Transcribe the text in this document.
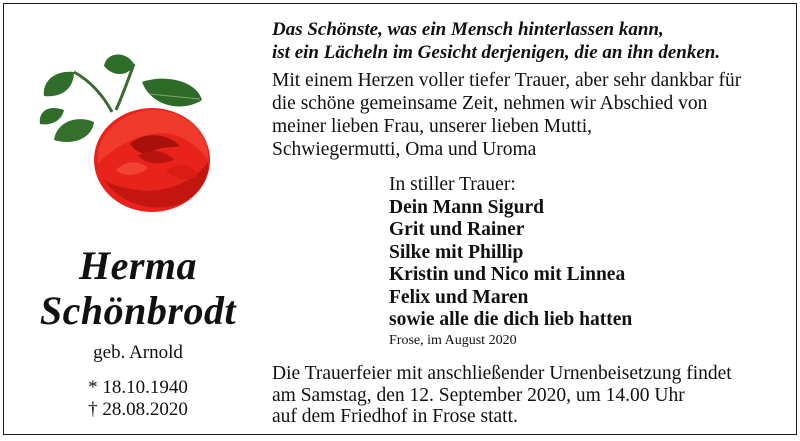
Herma
Schönbrodt
geb. Arnold
* 18.10.1940
† 28.08.2020
Das Schönste, was ein Mensch hinterlassen kann,
ist ein Lächeln im Gesicht derjenigen, die an ihn denken.
Mit einem Herzen voller tiefer Trauer, aber sehr dankbar für
die schöne gemeinsame Zeit, nehmen wir Abschied von
meiner lieben Frau, unserer lieben Mutti,
Schwiegermutti, Oma und Uroma
In stiller Trauer:
Dein Mann Sigurd
Grit und Rainer
Silke mit Phillip
Kristin und Nico mit Linnea
Felix und Maren
sowie alle die dich lieb hatten
Frose, im August 2020
Die Trauerfeier mit anschließender Urnenbeisetzung findet
am Samstag, den 12. September 2020, um 14.00 Uhr
auf dem Friedhof in Frose statt.
